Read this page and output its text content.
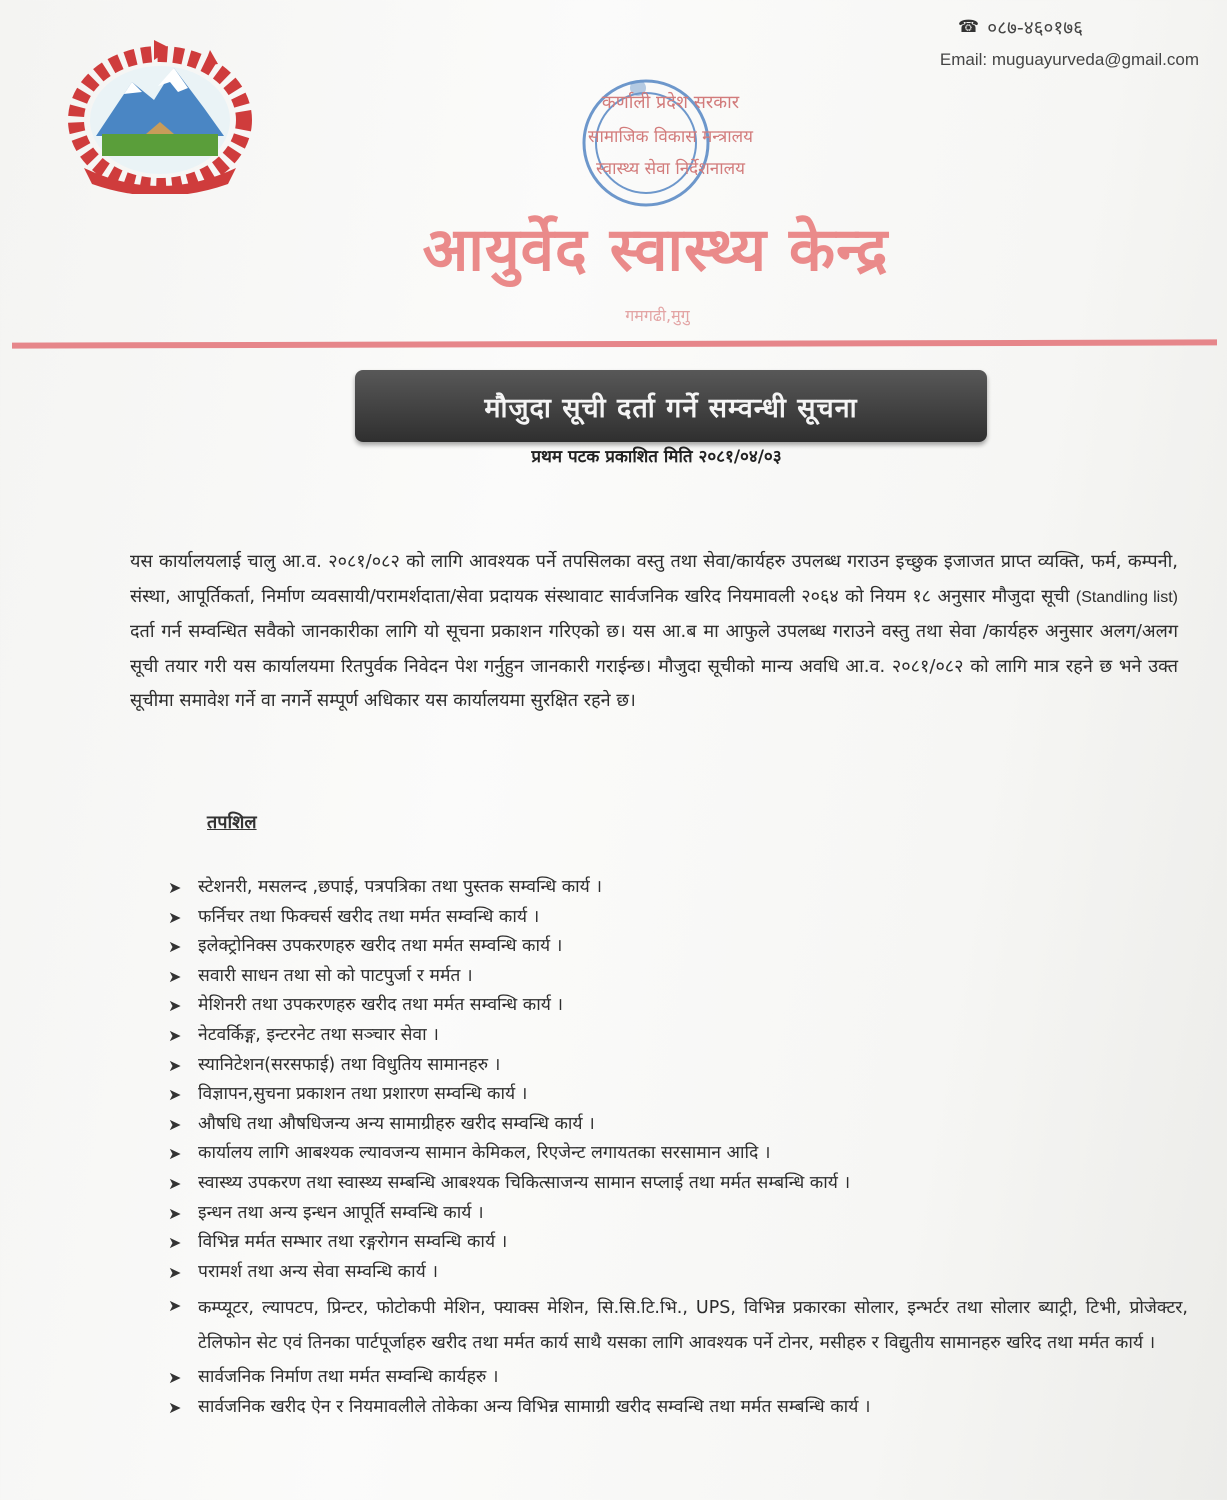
☎ ०८७-४६०१७६
Email: muguayurveda@gmail.com
कर्णाली प्रदेश सरकार
सामाजिक विकास मन्त्रालय
स्वास्थ्य सेवा निर्देशनालय
आयुर्वेद स्वास्थ्य केन्द्र
गमगढी,मुगु
मौजुदा सूची दर्ता गर्ने सम्वन्धी सूचना
प्रथम पटक प्रकाशित मिति २०८१/०४/०३
यस कार्यालयलाई चालु आ.व. २०८१/०८२ को लागि आवश्यक पर्ने तपसिलका वस्तु तथा सेवा/कार्यहरु उपलब्ध गराउन इच्छुक इजाजत प्राप्त व्यक्ति, फर्म, कम्पनी, संस्था, आपूर्तिकर्ता, निर्माण व्यवसायी/परामर्शदाता/सेवा प्रदायक संस्थावाट सार्वजनिक खरिद नियमावली २०६४ को नियम १८ अनुसार मौजुदा सूची (Standling list) दर्ता गर्न सम्वन्धित सवैको जानकारीका लागि यो सूचना प्रकाशन गरिएको छ। यस आ.ब मा आफुले उपलब्ध गराउने वस्तु तथा सेवा /कार्यहरु अनुसार अलग/अलग सूची तयार गरी यस कार्यालयमा रितपुर्वक निवेदन पेश गर्नुहुन जानकारी गराईन्छ। मौजुदा सूचीको मान्य अवधि आ.व. २०८१/०८२ को लागि मात्र रहने छ भने उक्त सूचीमा समावेश गर्ने वा नगर्ने सम्पूर्ण अधिकार यस कार्यालयमा सुरक्षित रहने छ।
तपशिल
➤ स्टेशनरी, मसलन्द ,छपाई, पत्रपत्रिका तथा पुस्तक सम्वन्धि कार्य ।
➤ फर्निचर तथा फिक्चर्स खरीद तथा मर्मत सम्वन्धि कार्य ।
➤ इलेक्ट्रोनिक्स उपकरणहरु खरीद तथा मर्मत सम्वन्धि कार्य ।
➤ सवारी साधन तथा सो को पाटपुर्जा र मर्मत ।
➤ मेशिनरी तथा उपकरणहरु खरीद तथा मर्मत सम्वन्धि कार्य ।
➤ नेटवर्किङ्ग, इन्टरनेट तथा सञ्चार सेवा ।
➤ स्यानिटेशन(सरसफाई) तथा विधुतिय सामानहरु ।
➤ विज्ञापन,सुचना प्रकाशन तथा प्रशारण सम्वन्धि कार्य ।
➤ औषधि तथा औषधिजन्य अन्य सामाग्रीहरु खरीद सम्वन्धि कार्य ।
➤ कार्यालय लागि आबश्यक ल्यावजन्य सामान केमिकल, रिएजेन्ट लगायतका सरसामान आदि ।
➤ स्वास्थ्य उपकरण तथा स्वास्थ्य सम्बन्धि आबश्यक चिकित्साजन्य सामान सप्लाई तथा मर्मत सम्बन्धि कार्य ।
➤ इन्धन तथा अन्य इन्धन आपूर्ति सम्वन्धि कार्य ।
➤ विभिन्न मर्मत सम्भार तथा रङ्गरोगन सम्वन्धि कार्य ।
➤ परामर्श तथा अन्य सेवा सम्वन्धि कार्य ।
➤ कम्प्यूटर, ल्यापटप, प्रिन्टर, फोटोकपी मेशिन, फ्याक्स मेशिन, सि.सि.टि.भि., UPS, विभिन्न प्रकारका सोलार, इन्भर्टर तथा सोलार ब्याट्री, टिभी, प्रोजेक्टर, टेलिफोन सेट एवं तिनका पार्टपूर्जाहरु खरीद तथा मर्मत कार्य साथै यसका लागि आवश्यक पर्ने टोनर, मसीहरु र विद्युतीय सामानहरु खरिद तथा मर्मत कार्य ।
➤ सार्वजनिक निर्माण तथा मर्मत सम्वन्धि कार्यहरु ।
➤ सार्वजनिक खरीद ऐन र नियमावलीले तोकेका अन्य विभिन्न सामाग्री खरीद सम्वन्धि तथा मर्मत सम्बन्धि कार्य ।
